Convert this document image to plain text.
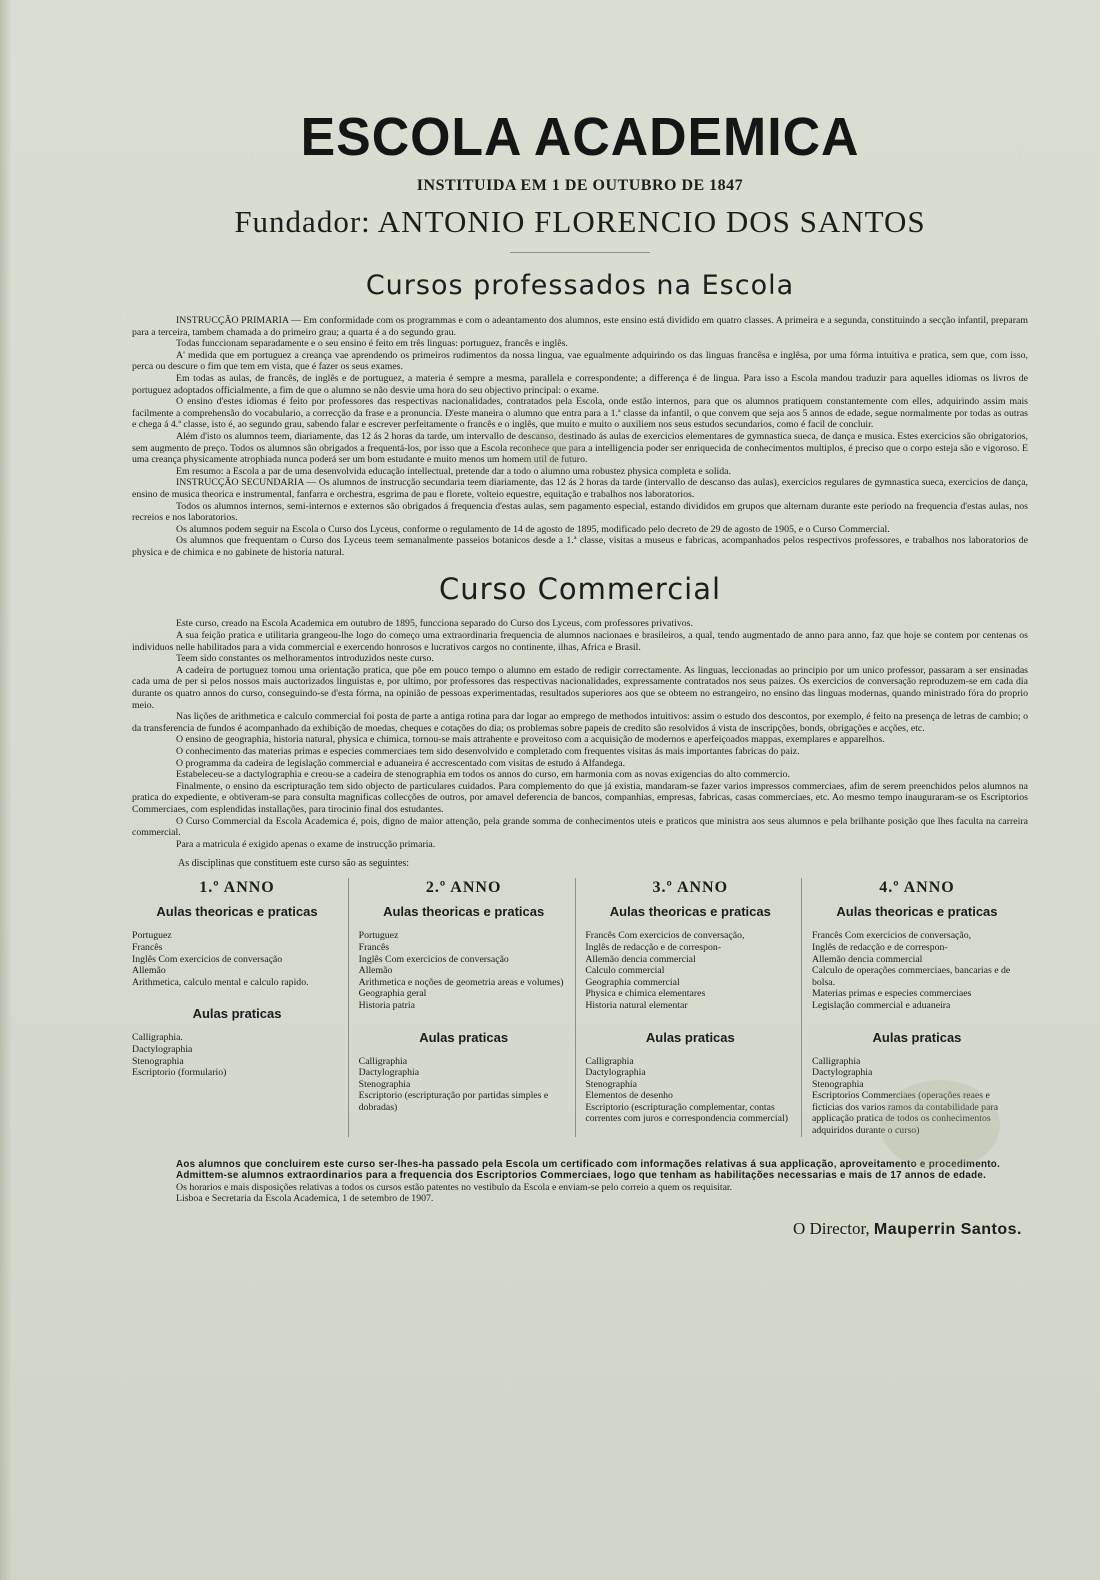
ESCOLA ACADEMICA
INSTITUIDA EM 1 DE OUTUBRO DE 1847
Fundador: ANTONIO FLORENCIO DOS SANTOS
Cursos professados na Escola

INSTRUCÇÃO PRIMARIA — Em conformidade com os programmas e com o adeantamento dos alumnos, este ensino está dividido em quatro classes. A primeira e a segunda, constituindo a secção infantil, preparam para a terceira, tambem chamada a do primeiro grau; a quarta é a do segundo grau.

Todas funccionam separadamente e o seu ensino é feito em três linguas: portuguez, francês e inglês.

A' medida que em portuguez a creança vae aprendendo os primeiros rudimentos da nossa lingua, vae egualmente adquirindo os das linguas francêsa e inglêsa, por uma fórma intuitiva e pratica, sem que, com isso, perca ou descure o fim que tem em vista, que é fazer os seus exames.

Em todas as aulas, de francês, de inglês e de portuguez, a materia é sempre a mesma, parallela e correspondente; a differença é de lingua. Para isso a Escola mandou traduzir para aquelles idiomas os livros de portuguez adoptados officialmente, a fim de que o alumno se não desvie uma hora do seu objectivo principal: o exame.

O ensino d'estes idiomas é feito por professores das respectivas nacionalidades, contratados pela Escola, onde estão internos, para que os alumnos pratiquem constantemente com elles, adquirindo assim mais facilmente a comprehensão do vocabulario, a correcção da frase e a pronuncia. D'este maneira o alumno que entra para a 1.ª classe da infantil, o que convem que seja aos 5 annos de edade, segue normalmente por todas as outras e chega á 4.ª classe, isto é, ao segundo grau, sabendo falar e escrever perfeitamente o francês e o inglês, que muito e muito o auxiliem nos seus estudos secundarios, como é facil de concluir.

Além d'isto os alumnos teem, diariamente, das 12 ás 2 horas da tarde, um intervallo de descanso, destinado ás aulas de exercicios elementares de gymnastica sueca, de dança e musica. Estes exercicios são obrigatorios, sem augmento de preço. Todos os alumnos são obrigados a frequentá-los, por isso que a Escola reconhece que para a intelligencia poder ser enriquecida de conhecimentos multiplos, é preciso que o corpo esteja são e vigoroso. E uma creança physicamente atrophiada nunca poderá ser um bom estudante e muito menos um homem util de futuro.

Em resumo: a Escola a par de uma desenvolvida educação intellectual, pretende dar a todo o alumno uma robustez physica completa e solida.

INSTRUCÇÃO SECUNDARIA — Os alumnos de instrucção secundaria teem diariamente, das 12 ás 2 horas da tarde (intervallo de descanso das aulas), exercicios regulares de gymnastica sueca, exercicios de dança, ensino de musica theorica e instrumental, fanfarra e orchestra, esgrima de pau e florete, volteio equestre, equitação e trabalhos nos laboratorios.

Todos os alumnos internos, semi-internos e externos são obrigados á frequencia d'estas aulas, sem pagamento especial, estando divididos em grupos que alternam durante este periodo na frequencia d'estas aulas, nos recreios e nos laboratorios.

Os alumnos podem seguir na Escola o Curso dos Lyceus, conforme o regulamento de 14 de agosto de 1895, modificado pelo decreto de 29 de agosto de 1905, e o Curso Commercial.

Os alumnos que frequentam o Curso dos Lyceus teem semanalmente passeios botanicos desde a 1.ª classe, visitas a museus e fabricas, acompanhados pelos respectivos professores, e trabalhos nos laboratorios de physica e de chimica e no gabinete de historia natural.

Curso Commercial

Este curso, creado na Escola Academica em outubro de 1895, funcciona separado do Curso dos Lyceus, com professores privativos.

A sua feição pratica e utilitaria grangeou-lhe logo do começo uma extraordinaria frequencia de alumnos nacionaes e brasileiros, a qual, tendo augmentado de anno para anno, faz que hoje se contem por centenas os individuos nelle habilitados para a vida commercial e exercendo honrosos e lucrativos cargos no continente, ilhas, Africa e Brasil.

Teem sido constantes os melhoramentos introduzidos neste curso.

A cadeira de portuguez tomou uma orientação pratica, que põe em pouco tempo o alumno em estado de redigir correctamente. As linguas, leccionadas ao principio por um unico professor, passaram a ser ensinadas cada uma de per si pelos nossos mais auctorizados linguistas e, por ultimo, por professores das respectivas nacionalidades, expressamente contratados nos seus paizes. Os exercicios de conversação reproduzem-se em cada dia durante os quatro annos do curso, conseguindo-se d'esta fórma, na opinião de pessoas experimentadas, resultados superiores aos que se obteem no estrangeiro, no ensino das linguas modernas, quando ministrado fóra do proprio meio.

Nas lições de arithmetica e calculo commercial foi posta de parte a antiga rotina para dar logar ao emprego de methodos intuitivos: assim o estudo dos descontos, por exemplo, é feito na presença de letras de cambio; o da transferencia de fundos é acompanhado da exhibição de moedas, cheques e cotações do dia; os problemas sobre papeis de credito são resolvidos á vista de inscripções, bonds, obrigações e acções, etc.

O ensino de geographia, historia natural, physica e chimica, tornou-se mais attrahente e proveitoso com a acquisição de modernos e aperfeiçoados mappas, exemplares e apparelhos.

O conhecimento das materias primas e especies commerciaes tem sido desenvolvido e completado com frequentes visitas ás mais importantes fabricas do paiz.

O programma da cadeira de legislação commercial e aduaneira é accrescentado com visitas de estudo á Alfandega.

Estabeleceu-se a dactylographia e creou-se a cadeira de stenographia em todos os annos do curso, em harmonia com as novas exigencias do alto commercio.

Finalmente, o ensino da escripturação tem sido objecto de particulares cuidados. Para complemento do que já existia, mandaram-se fazer varios impressos commerciaes, afim de serem preenchidos pelos alumnos na pratica do expediente, e obtiveram-se para consulta magnificas collecções de outros, por amavel deferencia de bancos, companhias, empresas, fabricas, casas commerciaes, etc. Ao mesmo tempo inauguraram-se os Escriptorios Commerciaes, com esplendidas installações, para tirocinio final dos estudantes.

O Curso Commercial da Escola Academica é, pois, digno de maior attenção, pela grande somma de conhecimentos uteis e praticos que ministra aos seus alumnos e pela brilhante posição que lhes faculta na carreira commercial.

Para a matricula é exigido apenas o exame de instrucção primaria.

As disciplinas que constituem este curso são as seguintes:
1.º ANNO
Aulas theoricas e praticas
Portuguez
Francês
Inglês Com exercicios de conversação
Allemão
Arithmetica, calculo mental e calculo rapido.
Aulas praticas
Calligraphia.
Dactylographia
Stenographia
Escriptorio (formulario)
2.º ANNO
Aulas theoricas e praticas
Portuguez
Francês
Inglês Com exercicios de conversação
Allemão
Arithmetica e noções de geometria areas e volumes)
Geographia geral
Historia patria
Aulas praticas
Calligraphia
Dactylographia
Stenographia
Escriptorio (escripturação por partidas simples e dobradas)
3.º ANNO
Aulas theoricas e praticas
Francês Com exercicios de conversação,
Inglês de redacção e de correspon-
Allemão dencia commercial
Calculo commercial
Geographia commercial
Physica e chimica elementares
Historia natural elementar
Aulas praticas
Calligraphia
Dactylographia
Stenographia
Elementos de desenho
Escriptorio (escripturação complementar, contas correntes com juros e correspondencia commercial)
4.º ANNO
Aulas theoricas e praticas
Francês Com exercicios de conversação,
Inglês de redacção e de correspon-
Allemão dencia commercial
Calculo de operações commerciaes, bancarias e de bolsa.
Materias primas e especies commerciaes
Legislação commercial e aduaneira
Aulas praticas
Calligraphia
Dactylographia
Stenographia
Escriptorios Commerciaes (operações reaes e ficticias dos varios ramos da contabilidade para applicação pratica de todos os conhecimentos adquiridos durante o curso)

Aos alumnos que concluirem este curso ser-lhes-ha passado pela Escola um certificado com informações relativas á sua applicação, aproveitamento e procedimento.

Admittem-se alumnos extraordinarios para a frequencia dos Escriptorios Commerciaes, logo que tenham as habilitações necessarias e mais de 17 annos de edade.

Os horarios e mais disposições relativas a todos os cursos estão patentes no vestibulo da Escola e enviam-se pelo correio a quem os requisitar.

Lisboa e Secretaria da Escola Academica, 1 de setembro de 1907.

O Director, Mauperrin Santos.
